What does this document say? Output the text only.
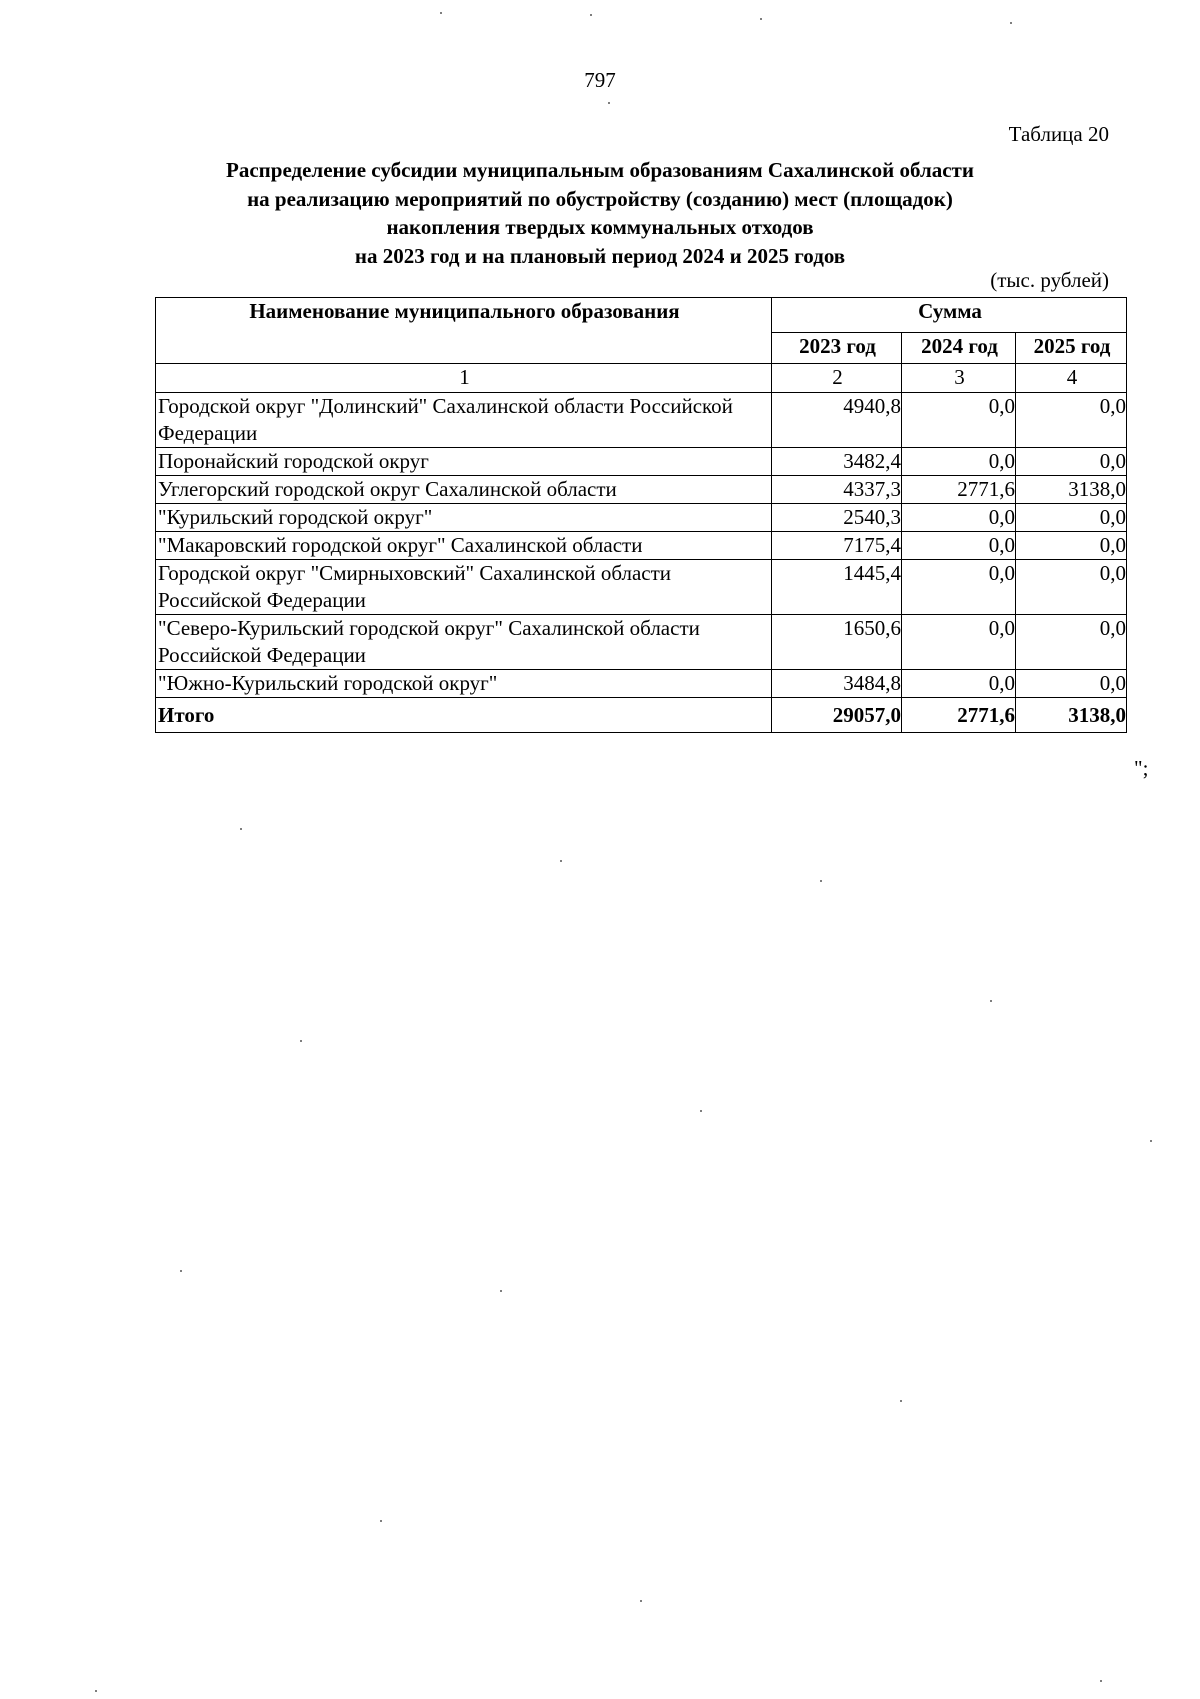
797
Таблица 20
Распределение субсидии муниципальным образованиям Сахалинской области
на реализацию мероприятий по обустройству (созданию) мест (площадок)
накопления твердых коммунальных отходов
на 2023 год и на плановый период 2024 и 2025 годов
(тыс. рублей)
Наименование муниципального образования	Сумма		
	2023 год	2024 год	2025 год
1	2	3	4
Городской округ "Долинский" Сахалинской области Российской Федерации	4940,8	0,0	0,0
Поронайский городской округ	3482,4	0,0	0,0
Углегорский городской округ Сахалинской области	4337,3	2771,6	3138,0
"Курильский городской округ"	2540,3	0,0	0,0
"Макаровский городской округ" Сахалинской области	7175,4	0,0	0,0
Городской округ "Смирныховский" Сахалинской области Российской Федерации	1445,4	0,0	0,0
"Северо-Курильский городской округ" Сахалинской области Российской Федерации	1650,6	0,0	0,0
"Южно-Курильский городской округ"	3484,8	0,0	0,0
Итого	29057,0	2771,6	3138,0
";
